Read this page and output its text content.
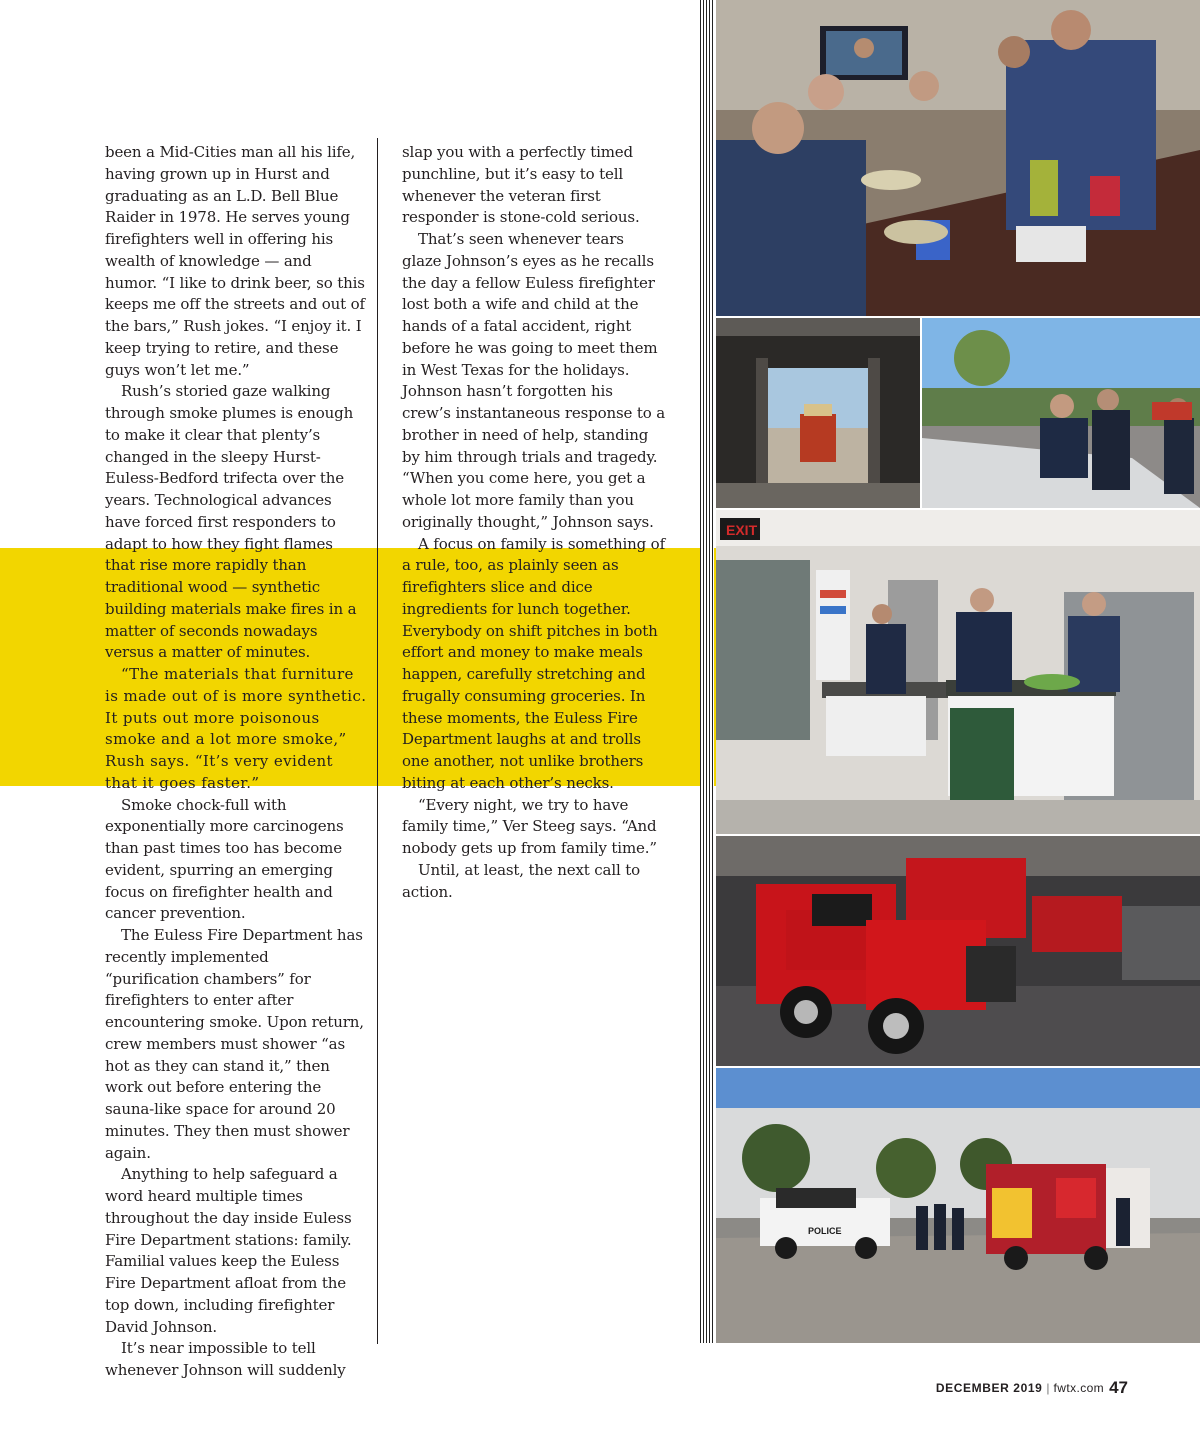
been a Mid-Cities man all his life, having grown up in Hurst and graduating as an L.D. Bell Blue Raider in 1978. He serves young firefighters well in offering his wealth of knowledge — and humor. “I like to drink beer, so this keeps me off the streets and out of the bars,” Rush jokes. “I enjoy it. I keep trying to retire, and these guys won’t let me.”

Rush’s storied gaze walking through smoke plumes is enough to make it clear that plenty’s changed in the sleepy Hurst-Euless-Bedford trifecta over the years. Technological advances have forced first responders to adapt to how they fight flames that rise more rapidly than traditional wood — synthetic building materials make fires in a matter of seconds nowadays versus a matter of minutes.

“The materials that furniture is made out of is more synthetic. It puts out more poisonous smoke and a lot more smoke,” Rush says. “It’s very evident that it goes faster.”

Smoke chock-full with exponentially more carcinogens than past times too has become evident, spurring an emerging focus on firefighter health and cancer prevention.

The Euless Fire Department has recently implemented “purification chambers” for firefighters to enter after encountering smoke. Upon return, crew members must shower “as hot as they can stand it,” then work out before entering the sauna-like space for around 20 minutes. They then must shower again.

Anything to help safeguard a word heard multiple times throughout the day inside Euless Fire Department stations: family. Familial values keep the Euless Fire Department afloat from the top down, including firefighter David Johnson.

It’s near impossible to tell whenever Johnson will suddenly

slap you with a perfectly timed punchline, but it’s easy to tell whenever the veteran first responder is stone-cold serious.

That’s seen whenever tears glaze Johnson’s eyes as he recalls the day a fellow Euless firefighter lost both a wife and child at the hands of a fatal accident, right before he was going to meet them in West Texas for the holidays. Johnson hasn’t forgotten his crew’s instantaneous response to a brother in need of help, standing by him through trials and tragedy. “When you come here, you get a whole lot more family than you originally thought,” Johnson says.

A focus on family is something of a rule, too, as plainly seen as firefighters slice and dice ingredients for lunch together. Everybody on shift pitches in both effort and money to make meals happen, carefully stretching and frugally consuming groceries. In these moments, the Euless Fire Department laughs at and trolls one another, not unlike brothers biting at each other’s necks.

“Every night, we try to have family time,” Ver Steeg says. “And nobody gets up from family time.”

Until, at least, the next call to action.

EXIT
POLICE
DECEMBER 2019 | fwtx.com 47
